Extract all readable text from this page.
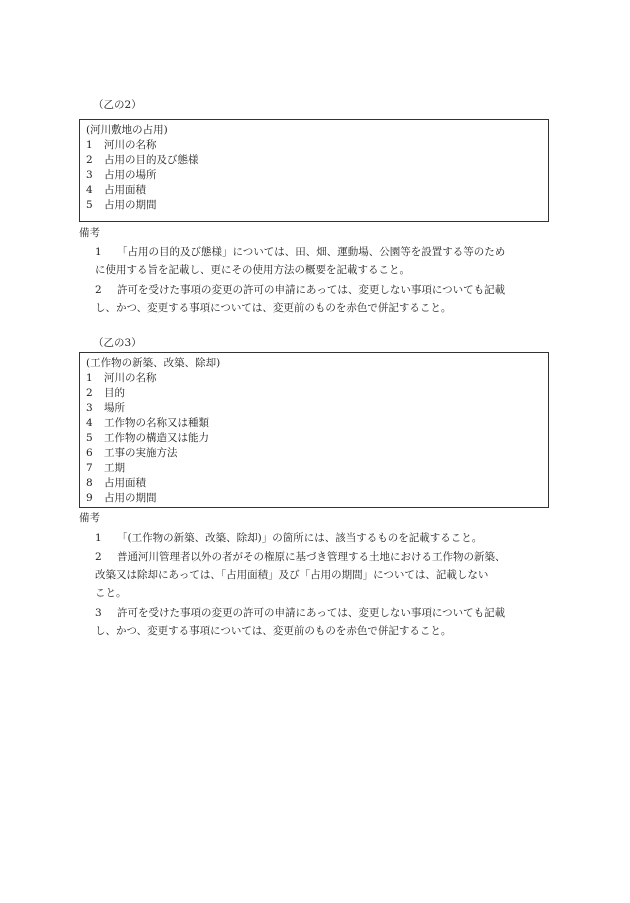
（乙の2）
(河川敷地の占用)
1 河川の名称
2 占用の目的及び態様
3 占用の場所
4 占用面積
5 占用の期間
備考
1 「占用の目的及び態様」については、田、畑、運動場、公園等を設置する等のため
に使用する旨を記載し、更にその使用方法の概要を記載すること。
2 許可を受けた事項の変更の許可の申請にあっては、変更しない事項についても記載
し、かつ、変更する事項については、変更前のものを赤色で併記すること。
（乙の3）
(工作物の新築、改築、除却)
1 河川の名称
2 目的
3 場所
4 工作物の名称又は種類
5 工作物の構造又は能力
6 工事の実施方法
7 工期
8 占用面積
9 占用の期間
備考
1 「(工作物の新築、改築、除却)」の箇所には、該当するものを記載すること。
2 普通河川管理者以外の者がその権原に基づき管理する土地における工作物の新築、
改築又は除却にあっては、「占用面積」及び「占用の期間」については、記載しない
こと。
3 許可を受けた事項の変更の許可の申請にあっては、変更しない事項についても記載
し、かつ、変更する事項については、変更前のものを赤色で併記すること。
